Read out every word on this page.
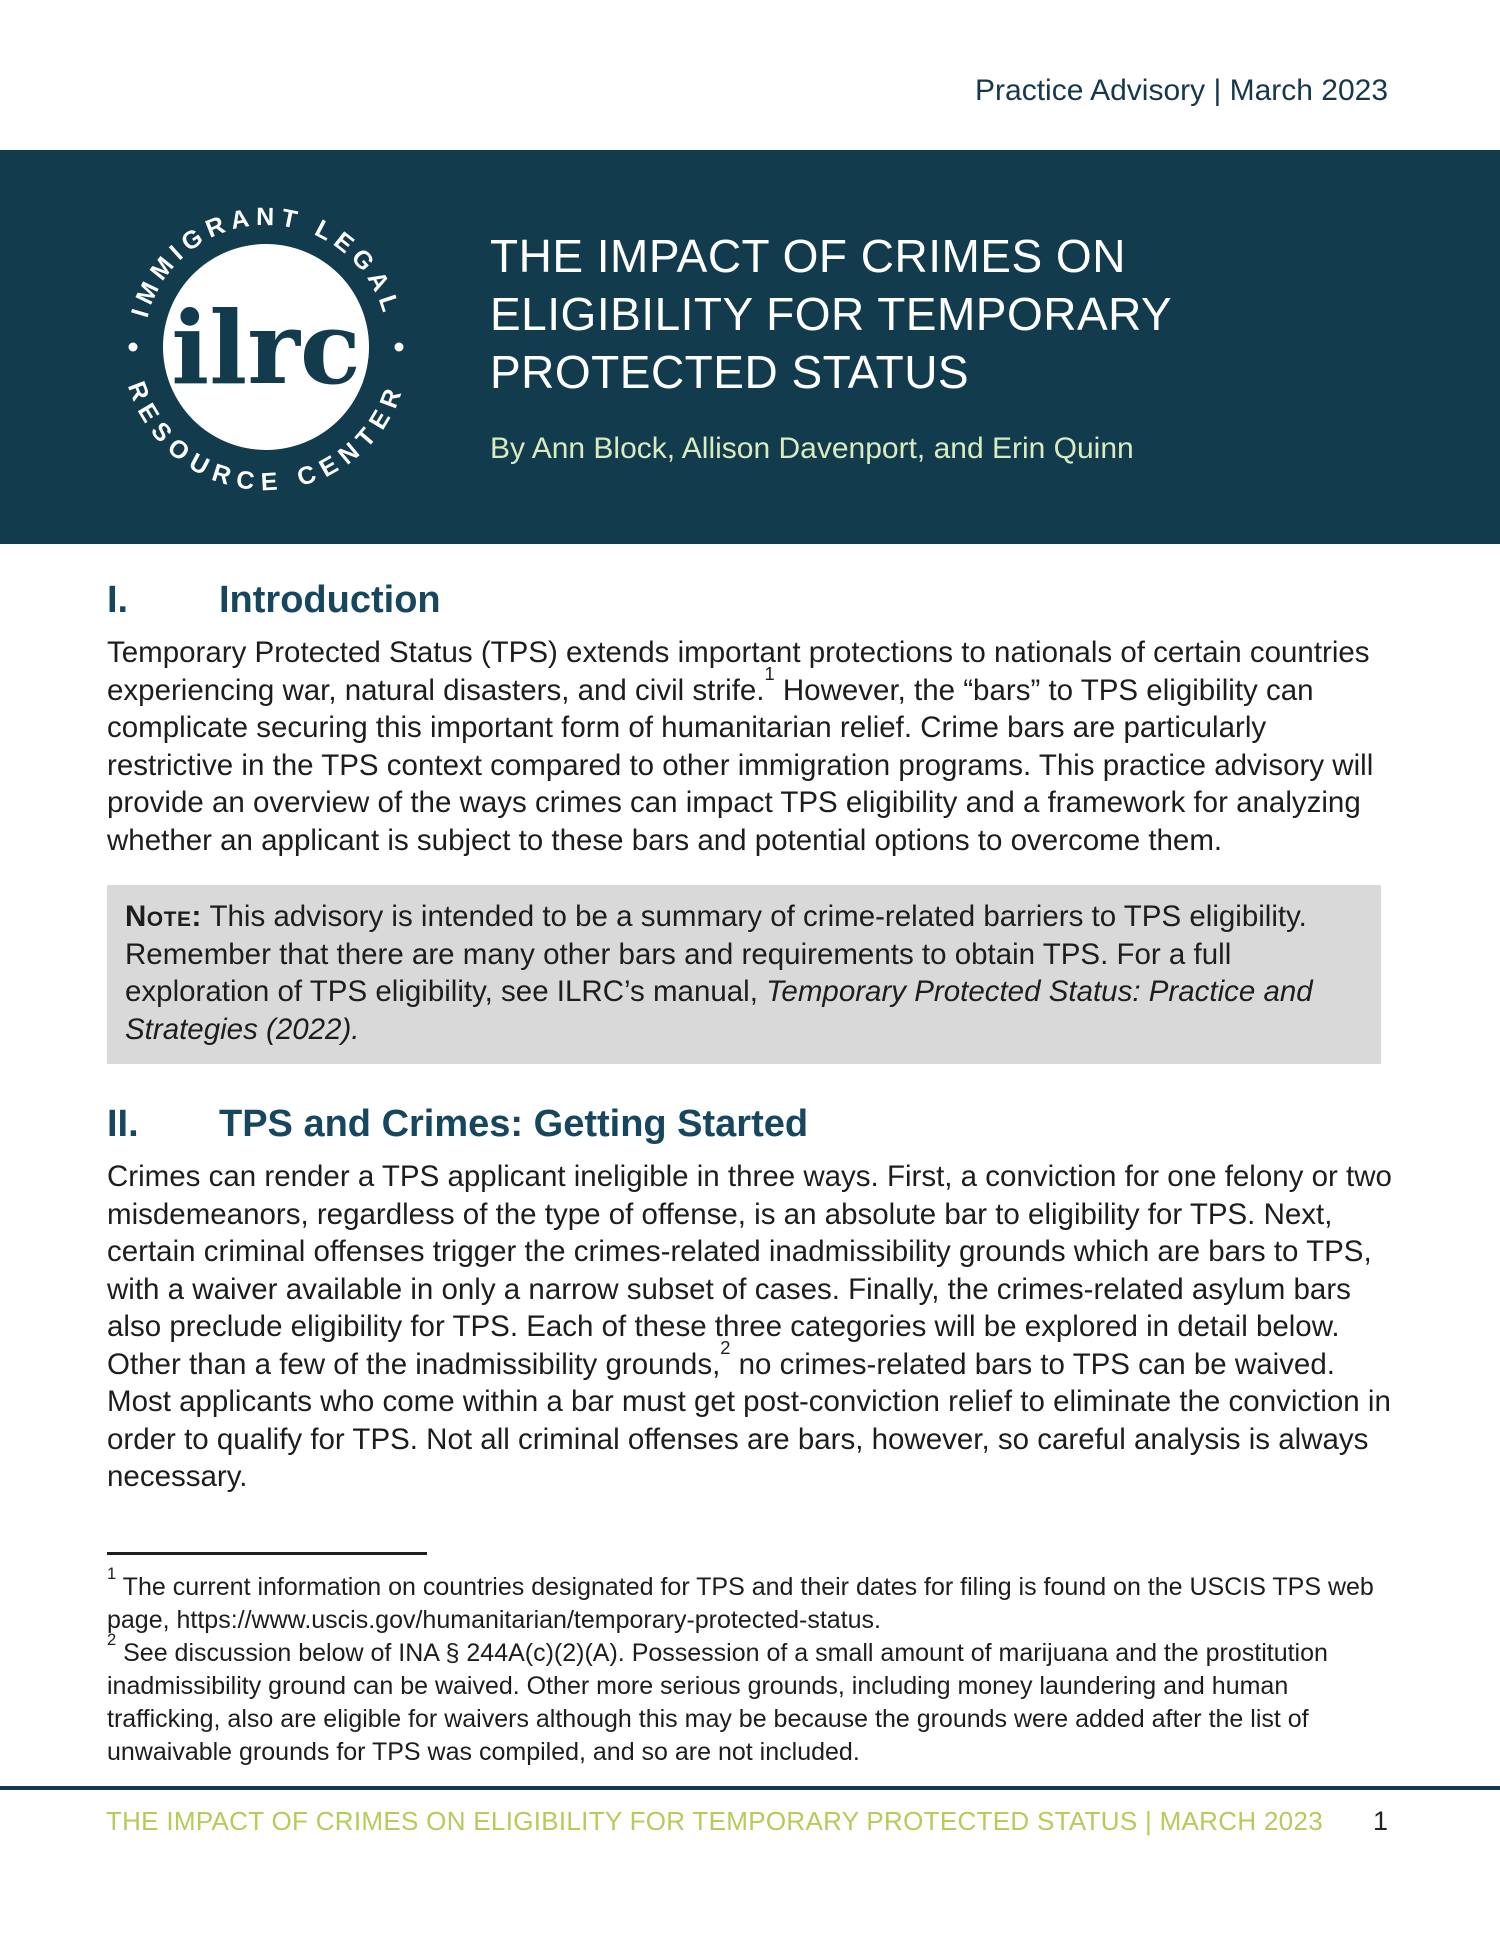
Practice Advisory | March 2023
IMMIGRANT LEGAL
RESOURCE CENTER
ilrc
THE IMPACT OF CRIMES ON
ELIGIBILITY FOR TEMPORARY
PROTECTED STATUS
By Ann Block, Allison Davenport, and Erin Quinn
I.	Introduction

Temporary Protected Status (TPS) extends important protections to nationals of certain countries experiencing war, natural disasters, and civil strife.$^1$ However, the “bars” to TPS eligibility can complicate securing this important form of humanitarian relief. Crime bars are particularly restrictive in the TPS context compared to other immigration programs. This practice advisory will provide an overview of the ways crimes can impact TPS eligibility and a framework for analyzing whether an applicant is subject to these bars and potential options to overcome them.

Note: This advisory is intended to be a summary of crime-related barriers to TPS eligibility. Remember that there are many other bars and requirements to obtain TPS. For a full exploration of TPS eligibility, see ILRC’s manual, Temporary Protected Status: Practice and Strategies (2022).
II.	TPS and Crimes: Getting Started

Crimes can render a TPS applicant ineligible in three ways. First, a conviction for one felony or two misdemeanors, regardless of the type of offense, is an absolute bar to eligibility for TPS. Next, certain criminal offenses trigger the crimes-related inadmissibility grounds which are bars to TPS, with a waiver available in only a narrow subset of cases. Finally, the crimes-related asylum bars also preclude eligibility for TPS. Each of these three categories will be explored in detail below. Other than a few of the inadmissibility grounds,$^2$ no crimes-related bars to TPS can be waived. Most applicants who come within a bar must get post-conviction relief to eliminate the conviction in order to qualify for TPS. Not all criminal offenses are bars, however, so careful analysis is always necessary.

$^1$ The current information on countries designated for TPS and their dates for filing is found on the USCIS TPS web page, https://www.uscis.gov/humanitarian/temporary-protected-status.

$^2$ See discussion below of INA § 244A(c)(2)(A). Possession of a small amount of marijuana and the prostitution inadmissibility ground can be waived. Other more serious grounds, including money laundering and human trafficking, also are eligible for waivers although this may be because the grounds were added after the list of unwaivable grounds for TPS was compiled, and so are not included.

THE IMPACT OF CRIMES ON ELIGIBILITY FOR TEMPORARY PROTECTED STATUS | MARCH 2023 1
